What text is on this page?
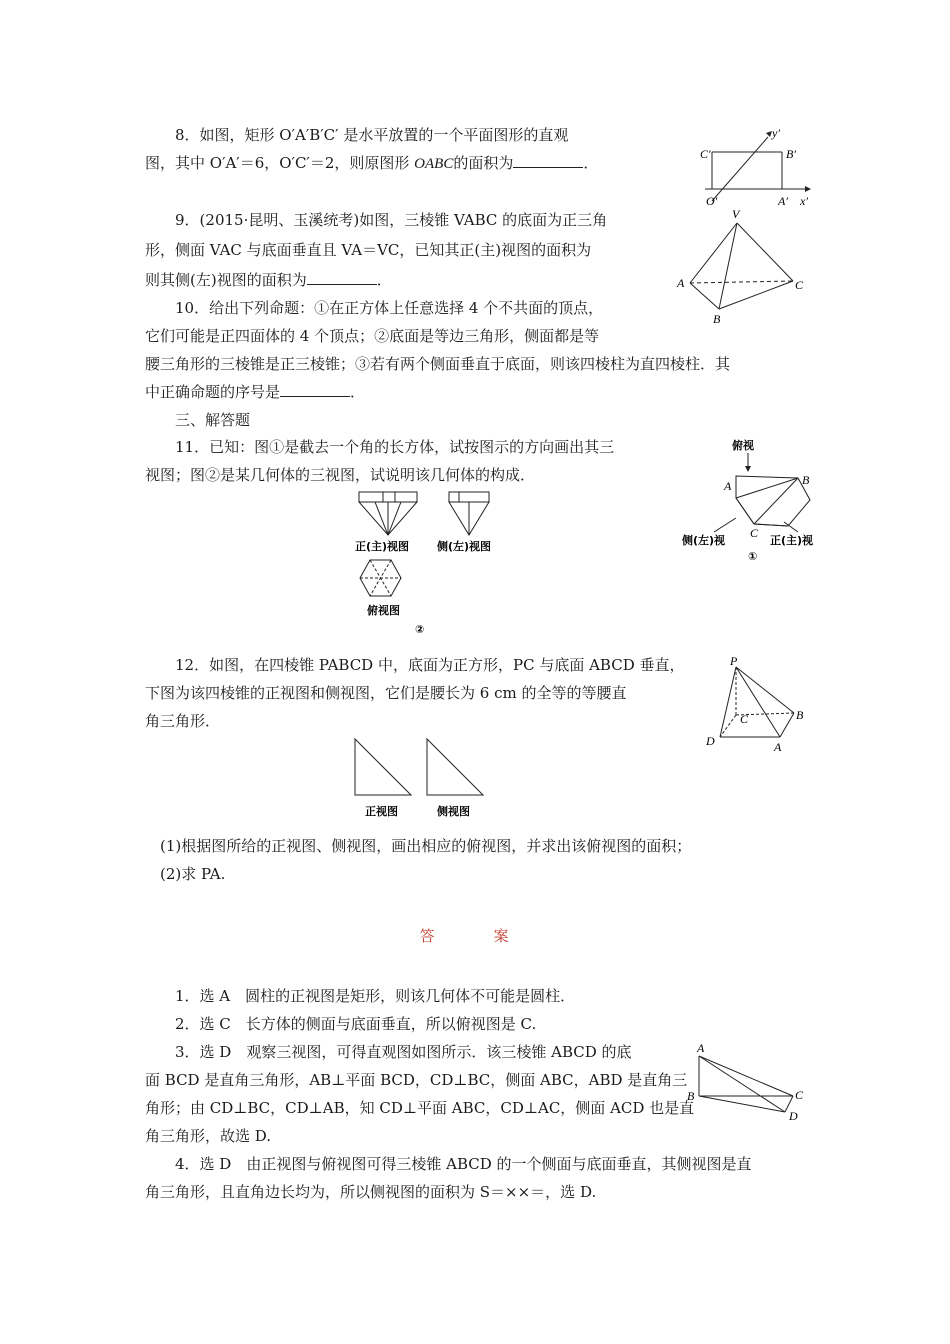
8．如图，矩形 O′A′B′C′ 是水平放置的一个平面图形的直观
图，其中 O′A′＝6，O′C′＝2，则原图形 OABC的面积为	．	C′	B′
O′	A′ x′
y′
9．(2015·昆明、玉溪统考)如图，三棱锥 VABC 的底面为正三角
形，侧面 VAC 与底面垂直且 VA＝VC，已知其正(主)视图的面积为
则其侧(左)视图的面积为	．
V
A
B
C
10．给出下列命题：①在正方体上任意选择 4 个不共面的顶点，
它们可能是正四面体的 4 个顶点；②底面是等边三角形，侧面都是等
腰三角形的三棱锥是正三棱锥；③若有两个侧面垂直于底面，则该四棱柱为直四棱柱．其
中正确命题的序号是	．
三、解答题
11．已知：图①是截去一个角的长方体，试按图示的方向画出其三
视图；图②是某几何体的三视图，试说明该几何体的构成．
正(主)视图	侧(左)视图
俯视图
②
俯视
A	B
C
侧(左)视	正(主)视
①
12．如图，在四棱锥 PABCD 中，底面为正方形，PC 与底面 ABCD 垂直，
下图为该四棱锥的正视图和侧视图，它们是腰长为 6 cm 的全等的等腰直
角三角形．
P
C	B
D	A
正视图	侧视图
(1)根据图所给的正视图、侧视图，画出相应的俯视图，并求出该俯视图的面积；
(2)求 PA.
答　案
1．选 A　圆柱的正视图是矩形，则该几何体不可能是圆柱．
2．选 C　长方体的侧面与底面垂直，所以俯视图是 C.
3．选 D　观察三视图，可得直观图如图所示．该三棱锥 ABCD 的底
面 BCD 是直角三角形，AB⊥平面 BCD，CD⊥BC，侧面 ABC，ABD 是直角三
角形；由 CD⊥BC，CD⊥AB，知 CD⊥平面 ABC，CD⊥AC，侧面 ACD 也是直
角三角形，故选 D.
A
B	C
D
4．选 D　由正视图与俯视图可得三棱锥 ABCD 的一个侧面与底面垂直，其侧视图是直
角三角形，且直角边长均为，所以侧视图的面积为 S＝××＝，选 D.
